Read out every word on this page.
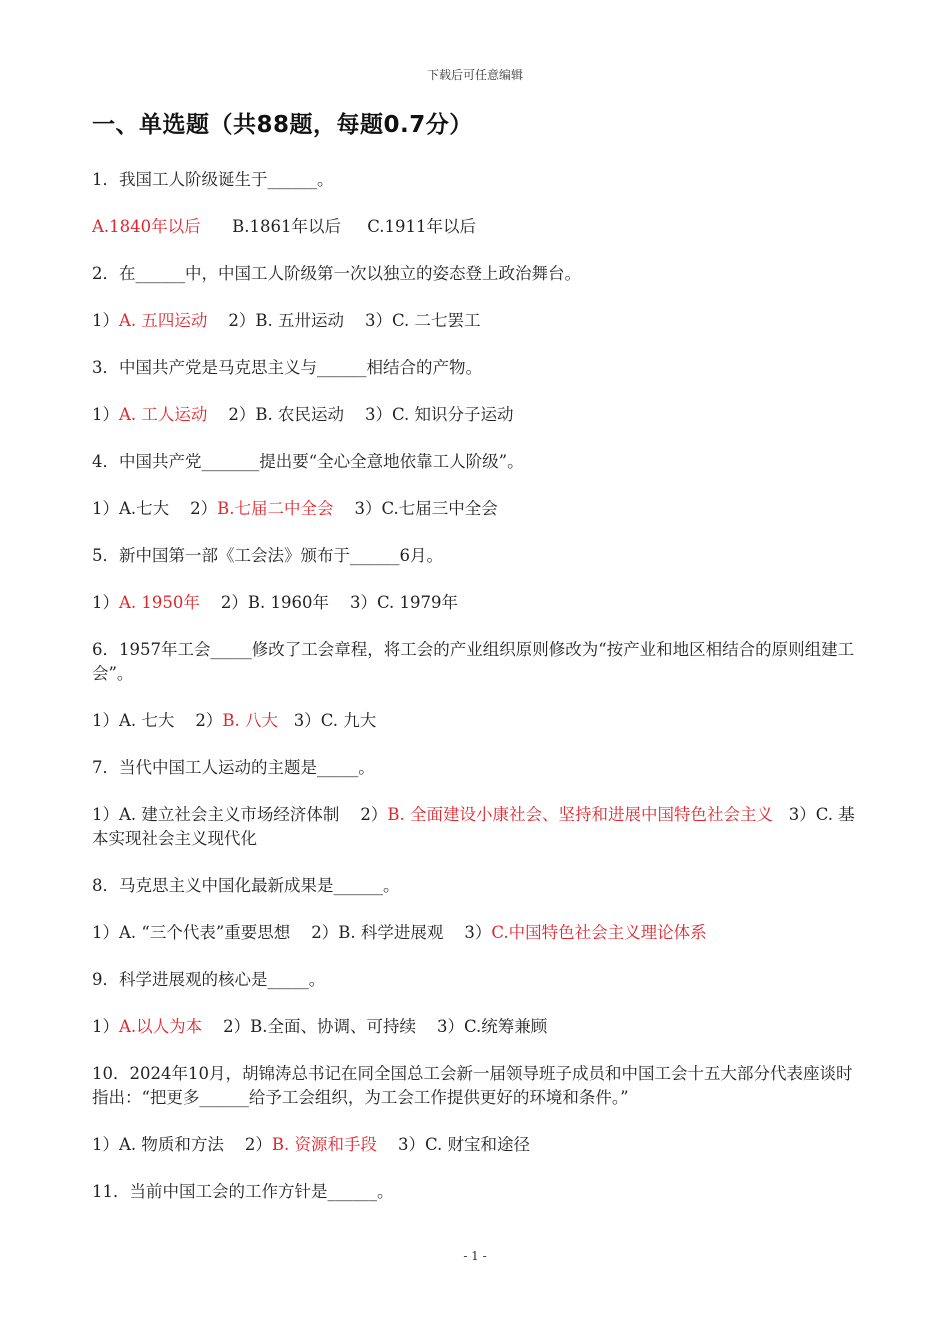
下载后可任意编辑
一、单选题（共88题，每题0.7分）
1．我国工人阶级诞生于______。
A.1840年以后 B.1861年以后 C.1911年以后
2．在______中，中国工人阶级第一次以独立的姿态登上政治舞台。
1）A. 五四运动 2）B. 五卅运动 3）C. 二七罢工
3．中国共产党是马克思主义与______相结合的产物。
1）A. 工人运动 2）B. 农民运动 3）C. 知识分子运动
4．中国共产党_______提出要“全心全意地依靠工人阶级”。
1）A.七大 2）B.七届二中全会 3）C.七届三中全会
5．新中国第一部《工会法》颁布于______6月。
1）A. 1950年 2）B. 1960年 3）C. 1979年
6．1957年工会_____修改了工会章程，将工会的产业组织原则修改为“按产业和地区相结合的原则组建工会”。
1）A. 七大 2）B. 八大 3）C. 九大
7．当代中国工人运动的主题是_____。
1）A. 建立社会主义市场经济体制 2）B. 全面建设小康社会、坚持和进展中国特色社会主义 3）C. 基本实现社会主义现代化
8．马克思主义中国化最新成果是______。
1）A. “三个代表”重要思想 2）B. 科学进展观 3）C.中国特色社会主义理论体系
9．科学进展观的核心是_____。
1）A.以人为本 2）B.全面、协调、可持续 3）C.统筹兼顾
10．2024年10月，胡锦涛总书记在同全国总工会新一届领导班子成员和中国工会十五大部分代表座谈时指出：“把更多______给予工会组织，为工会工作提供更好的环境和条件。”
1）A. 物质和方法 2）B. 资源和手段 3）C. 财宝和途径
11．当前中国工会的工作方针是______。
- 1 -
